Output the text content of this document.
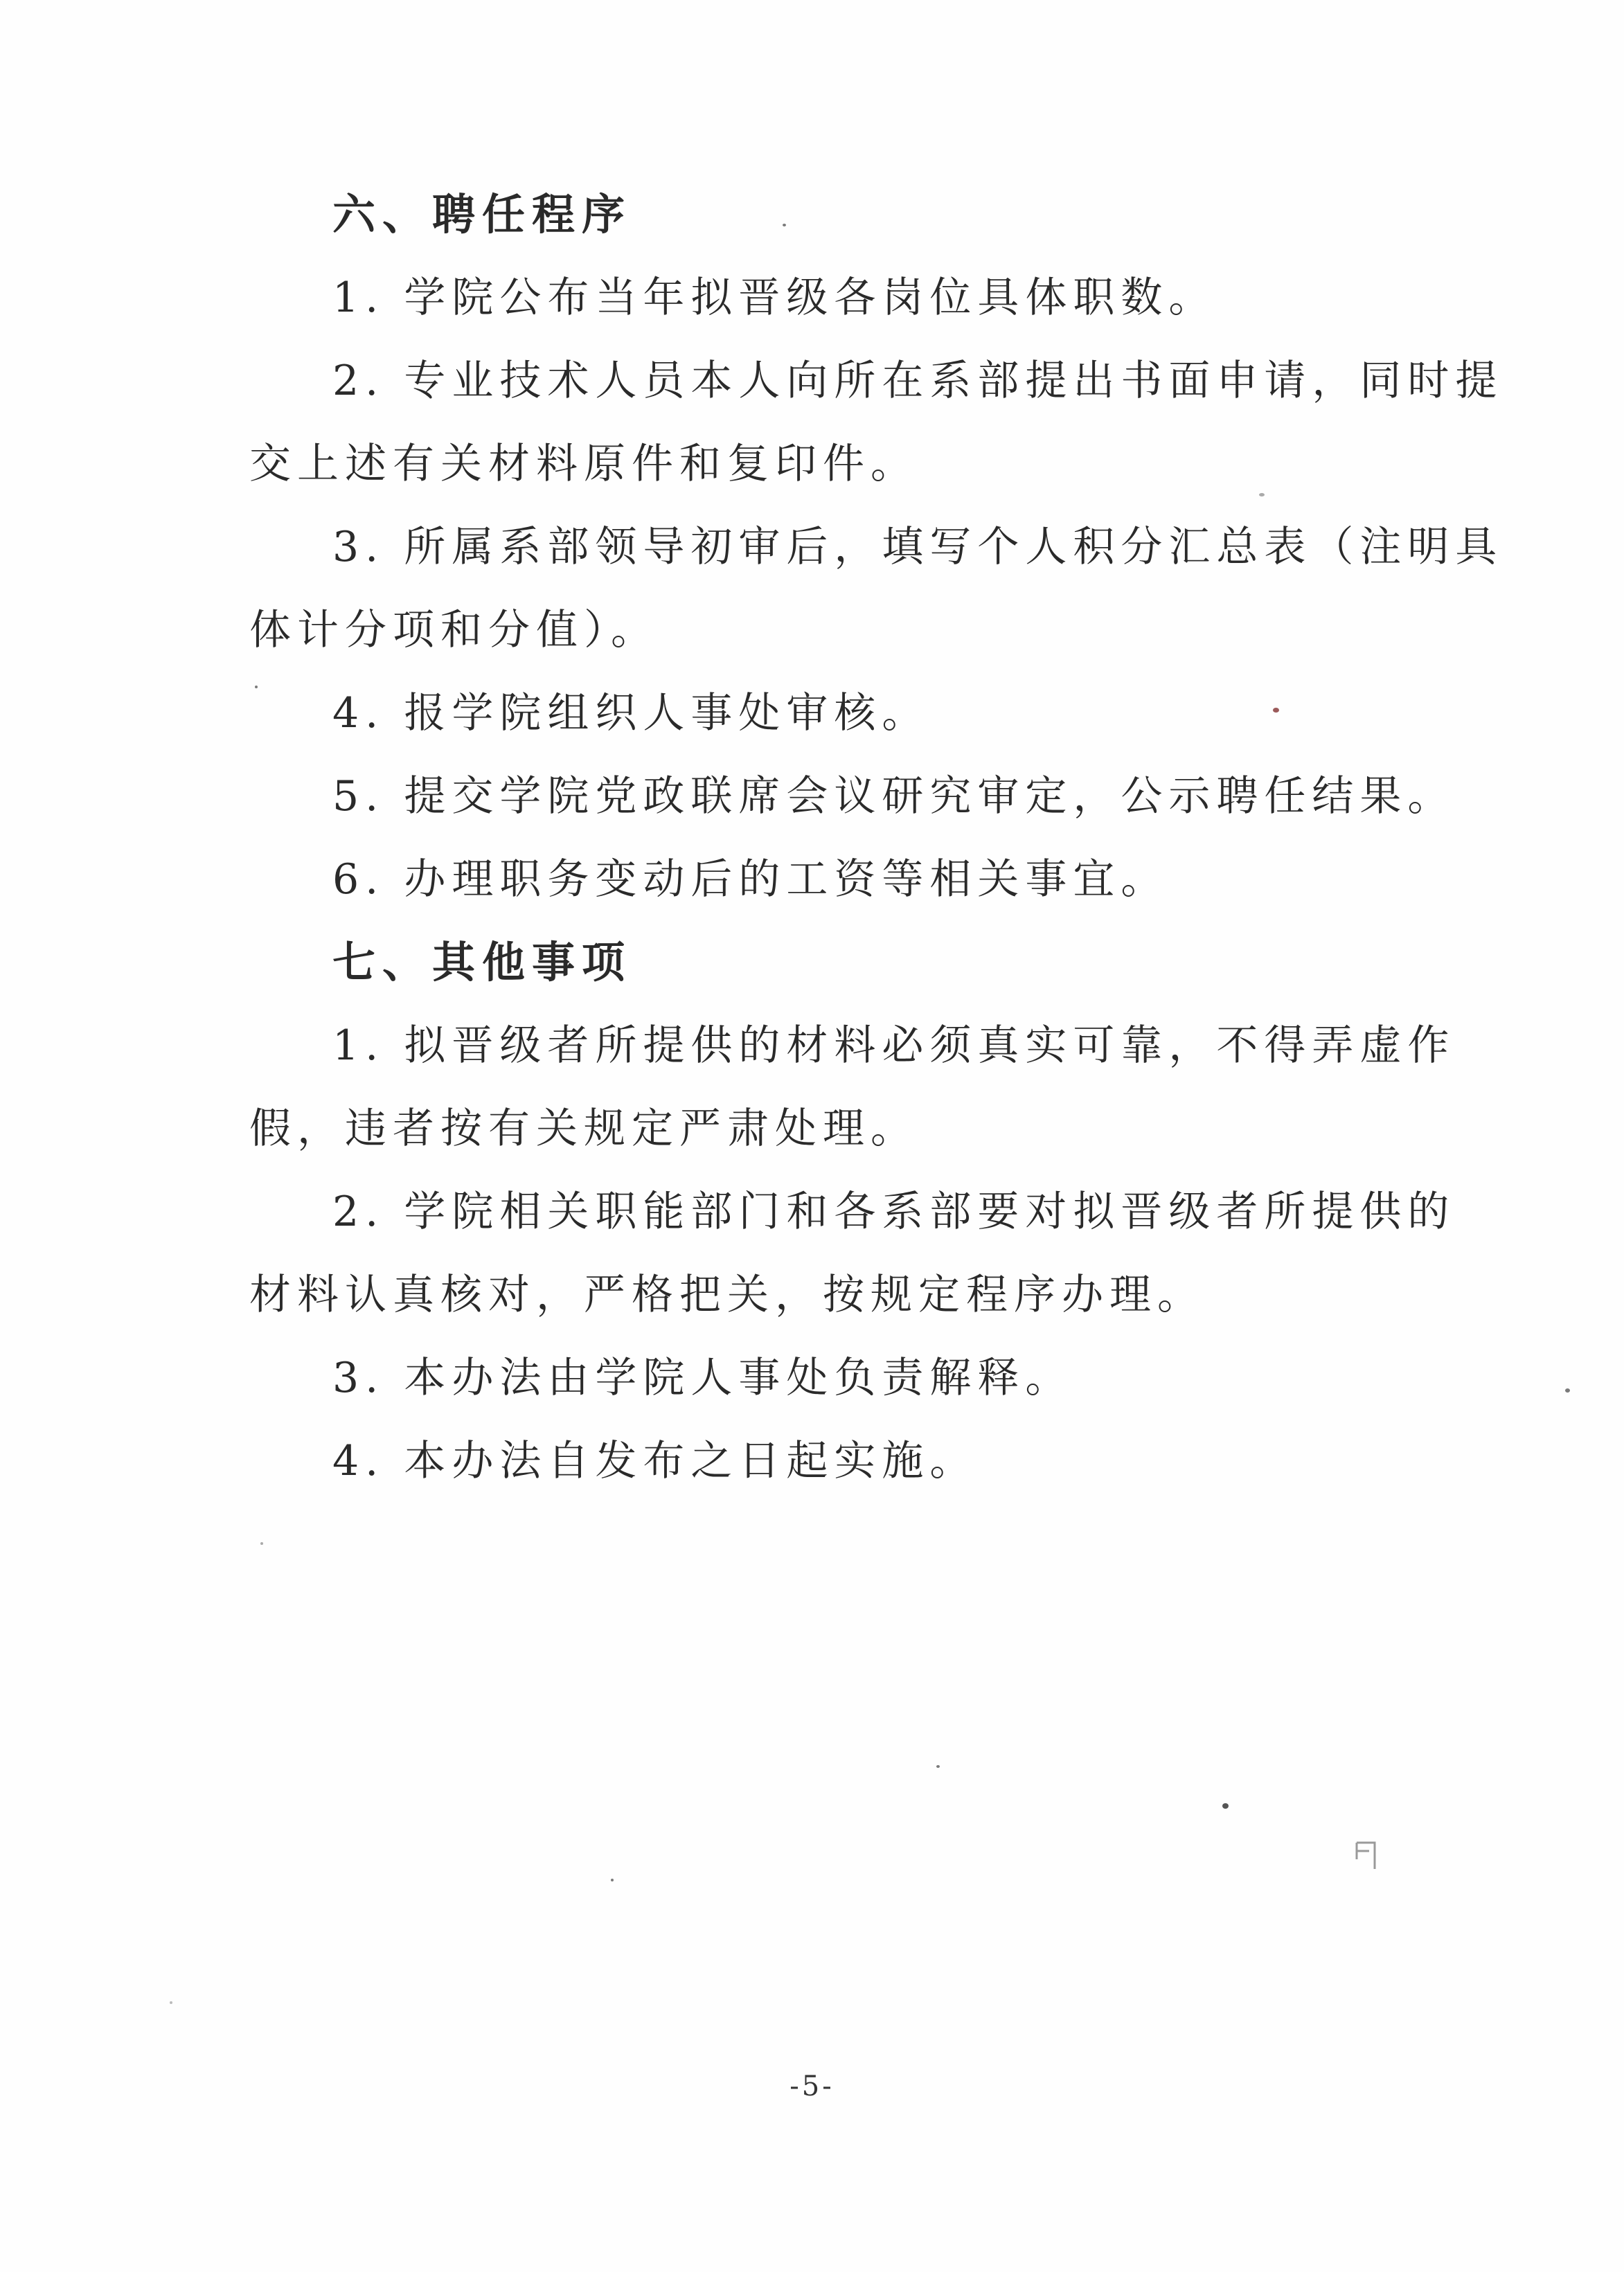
六、聘任程序

1. 学院公布当年拟晋级各岗位具体职数。

2. 专业技术人员本人向所在系部提出书面申请，同时提

交上述有关材料原件和复印件。

3. 所属系部领导初审后，填写个人积分汇总表（注明具

体计分项和分值）。

4. 报学院组织人事处审核。

5. 提交学院党政联席会议研究审定，公示聘任结果。

6. 办理职务变动后的工资等相关事宜。

七、其他事项

1. 拟晋级者所提供的材料必须真实可靠，不得弄虚作

假，违者按有关规定严肃处理。

2. 学院相关职能部门和各系部要对拟晋级者所提供的

材料认真核对，严格把关，按规定程序办理。

3. 本办法由学院人事处负责解释。

4. 本办法自发布之日起实施。

-5-
